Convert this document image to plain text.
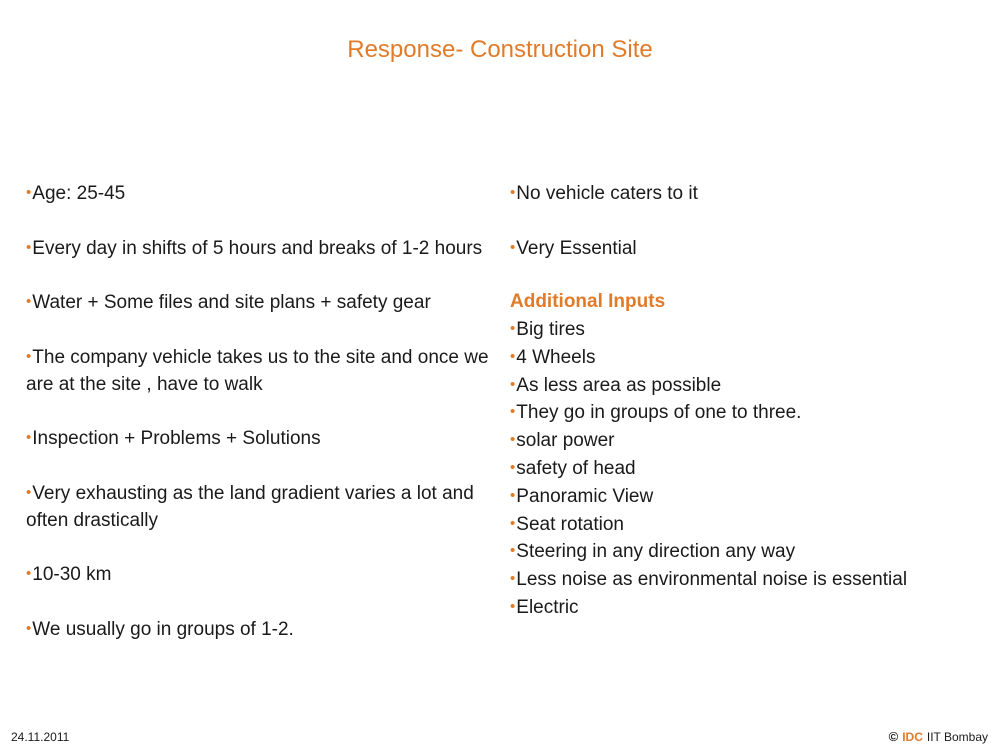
Response- Construction Site
•Age: 25-45
•Every day in shifts of 5 hours and breaks of 1-2 hours
•Water + Some files and site plans + safety gear
•The company vehicle takes us to the site and once we are at the site , have to walk
•Inspection + Problems + Solutions
•Very exhausting as the land gradient varies a lot and often drastically
•10-30 km
•We usually go in groups of 1-2.
•No vehicle caters to it
•Very Essential
Additional Inputs
•Big tires
•4 Wheels
•As less area as possible
•They go in groups of one to three.
•solar power
•safety of head
•Panoramic View
•Seat rotation
•Steering in any direction any way
•Less noise as environmental noise is essential
•Electric
24.11.2011	© IDC IIT Bombay
